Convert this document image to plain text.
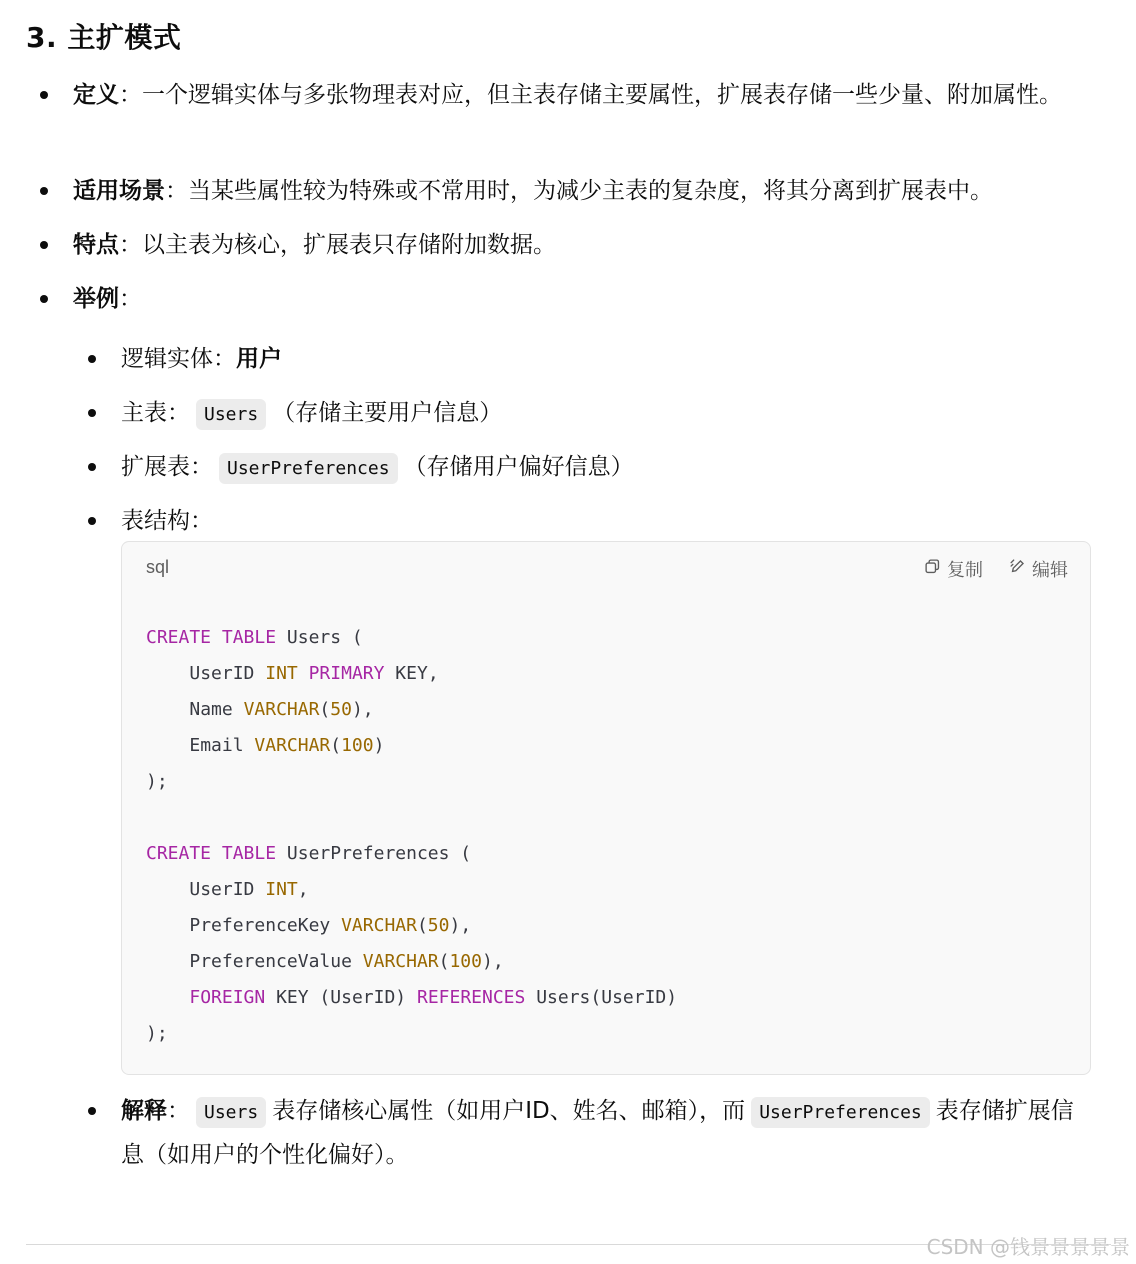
3. 主扩模式
定义：一个逻辑实体与多张物理表对应，但主表存储主要属性，扩展表存储一些少量、附加属性。
适用场景：当某些属性较为特殊或不常用时，为减少主表的复杂度，将其分离到扩展表中。
特点：以主表为核心，扩展表只存储附加数据。
举例：
逻辑实体：用户
主表： Users （存储主要用户信息）
扩展表： UserPreferences （存储用户偏好信息）
表结构：
sql	复制	编辑
CREATE TABLE Users (
UserID INT PRIMARY KEY,
Name VARCHAR(50),
Email VARCHAR(100)
);
CREATE TABLE UserPreferences (
UserID INT,
PreferenceKey VARCHAR(50),
PreferenceValue VARCHAR(100),
FOREIGN KEY (UserID) REFERENCES Users(UserID)
);
解释： Users 表存储核心属性（如用户ID、姓名、邮箱），而 UserPreferences 表存储扩展信息（如用户的个性化偏好）。
CSDN @钱景景景景景
